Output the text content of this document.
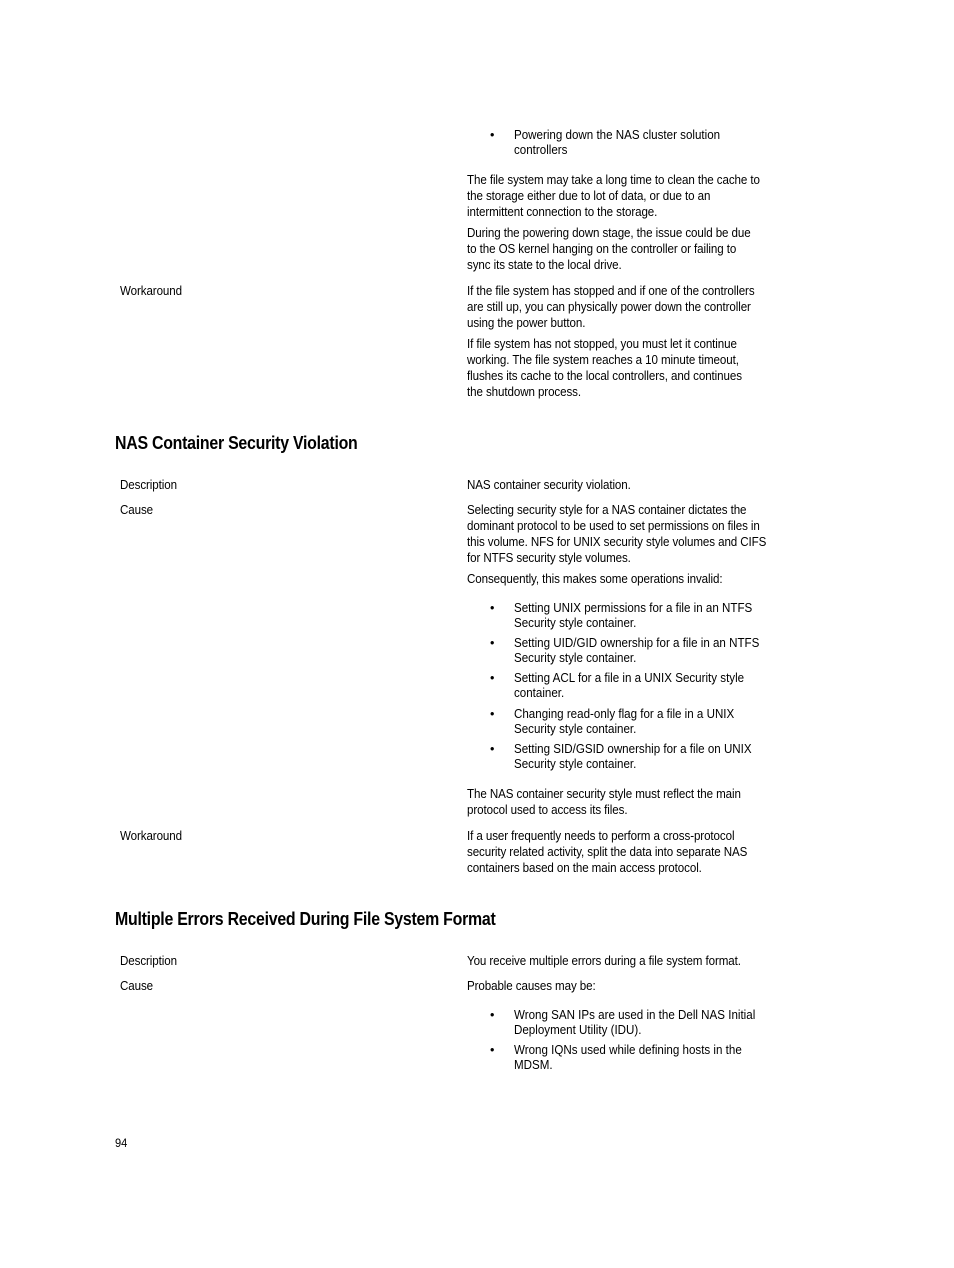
• Powering down the NAS cluster solution
controllers
The file system may take a long time to clean the cache to
the storage either due to lot of data, or due to an
intermittent connection to the storage.
During the powering down stage, the issue could be due
to the OS kernel hanging on the controller or failing to
sync its state to the local drive.
Workaround	If the file system has stopped and if one of the controllers
are still up, you can physically power down the controller
using the power button.
If file system has not stopped, you must let it continue
working. The file system reaches a 10 minute timeout,
flushes its cache to the local controllers, and continues
the shutdown process.
NAS Container Security Violation
Description	NAS container security violation.
Cause	Selecting security style for a NAS container dictates the
dominant protocol to be used to set permissions on files in
this volume. NFS for UNIX security style volumes and CIFS
for NTFS security style volumes.
Consequently, this makes some operations invalid:
• Setting UNIX permissions for a file in an NTFS
Security style container.
• Setting UID/GID ownership for a file in an NTFS
Security style container.
• Setting ACL for a file in a UNIX Security style
container.
• Changing read-only flag for a file in a UNIX
Security style container.
• Setting SID/GSID ownership for a file on UNIX
Security style container.
The NAS container security style must reflect the main
protocol used to access its files.
Workaround	If a user frequently needs to perform a cross-protocol
security related activity, split the data into separate NAS
containers based on the main access protocol.
Multiple Errors Received During File System Format
Description	You receive multiple errors during a file system format.
Cause	Probable causes may be:
• Wrong SAN IPs are used in the Dell NAS Initial
Deployment Utility (IDU).
• Wrong IQNs used while defining hosts in the
MDSM.
94
